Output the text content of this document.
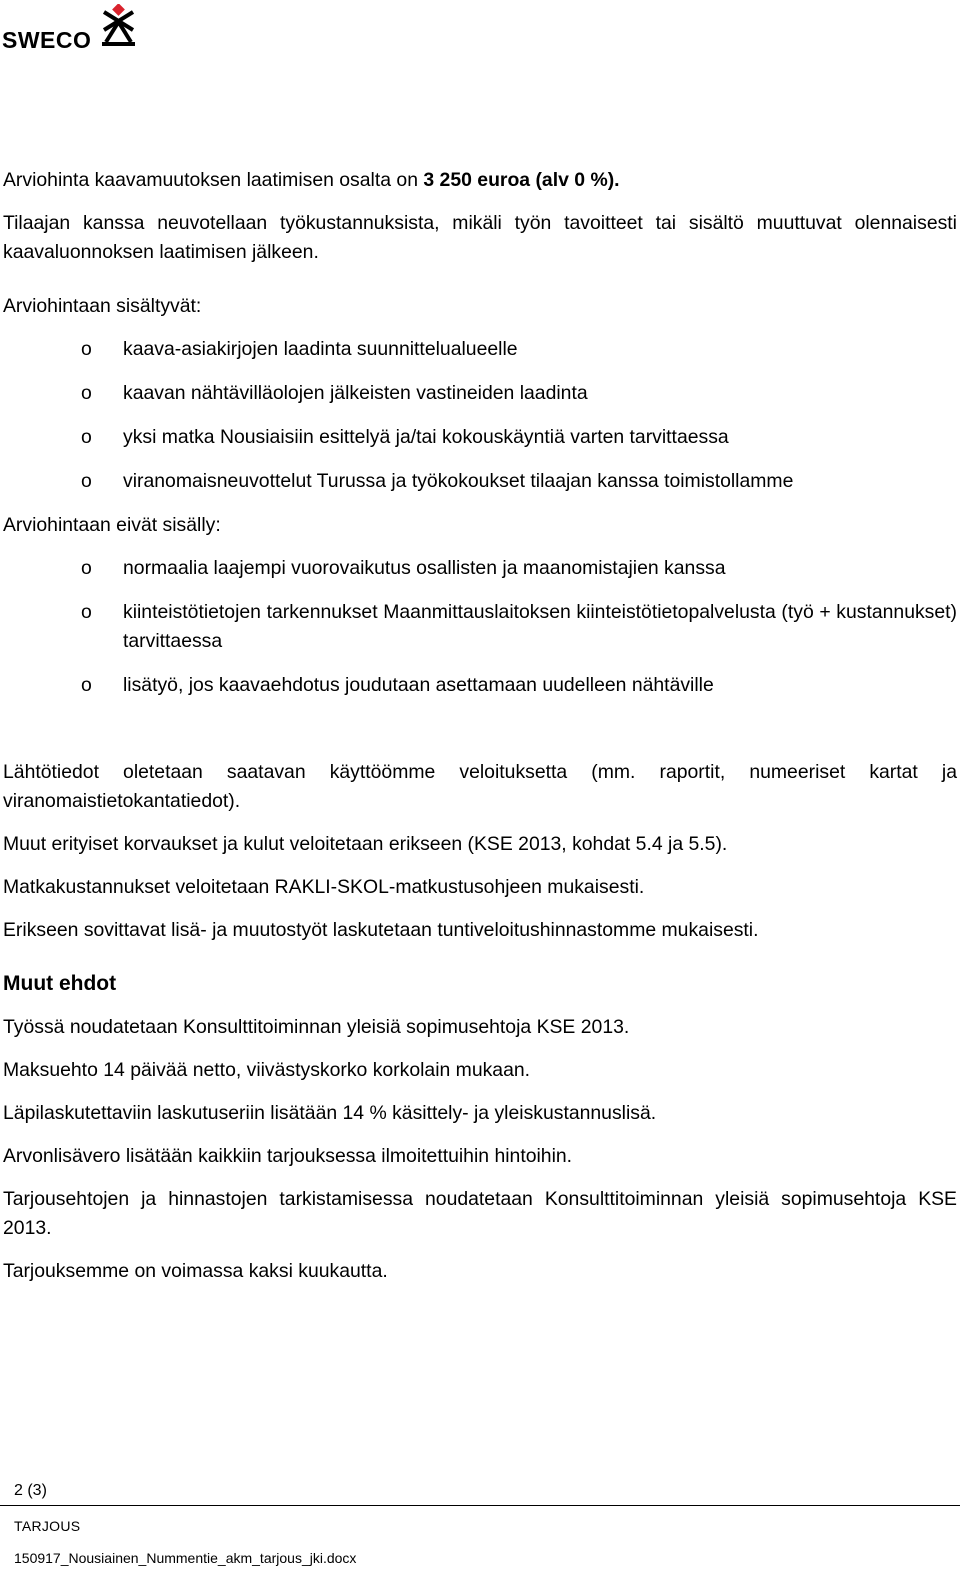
SWECO

Arviohinta kaavamuutoksen laatimisen osalta on 3 250 euroa (alv 0 %).

Tilaajan kanssa neuvotellaan työkustannuksista, mikäli työn tavoitteet tai sisältö muuttuvat olennaisesti kaavaluonnoksen laatimisen jälkeen.

Arviohintaan sisältyvät:

o kaava-asiakirjojen laadinta suunnittelualueelle
o kaavan nähtävilläolojen jälkeisten vastineiden laadinta
o yksi matka Nousiaisiin esittelyä ja/tai kokouskäyntiä varten tarvittaessa
o viranomaisneuvottelut Turussa ja työkokoukset tilaajan kanssa toimistollamme

Arviohintaan eivät sisälly:

o normaalia laajempi vuorovaikutus osallisten ja maanomistajien kanssa
o kiinteistötietojen tarkennukset Maanmittauslaitoksen kiinteistötietopalvelusta (työ + kustannukset) tarvittaessa
o lisätyö, jos kaavaehdotus joudutaan asettamaan uudelleen nähtäville

Lähtötiedot oletetaan saatavan käyttöömme veloituksetta (mm. raportit, numeeriset kartat ja viranomaistietokantatiedot).

Muut erityiset korvaukset ja kulut veloitetaan erikseen (KSE 2013, kohdat 5.4 ja 5.5).

Matkakustannukset veloitetaan RAKLI-SKOL-matkustusohjeen mukaisesti.

Erikseen sovittavat lisä- ja muutostyöt laskutetaan tuntiveloitushinnastomme mukaisesti.

Muut ehdot

Työssä noudatetaan Konsulttitoiminnan yleisiä sopimusehtoja KSE 2013.

Maksuehto 14 päivää netto, viivästyskorko korkolain mukaan.

Läpilaskutettaviin laskutuseriin lisätään 14 % käsittely- ja yleiskustannuslisä.

Arvonlisävero lisätään kaikkiin tarjouksessa ilmoitettuihin hintoihin.

Tarjousehtojen ja hinnastojen tarkistamisessa noudatetaan Konsulttitoiminnan yleisiä sopimusehtoja KSE 2013.

Tarjouksemme on voimassa kaksi kuukautta.

2 (3)
TARJOUS
150917_Nousiainen_Nummentie_akm_tarjous_jki.docx
